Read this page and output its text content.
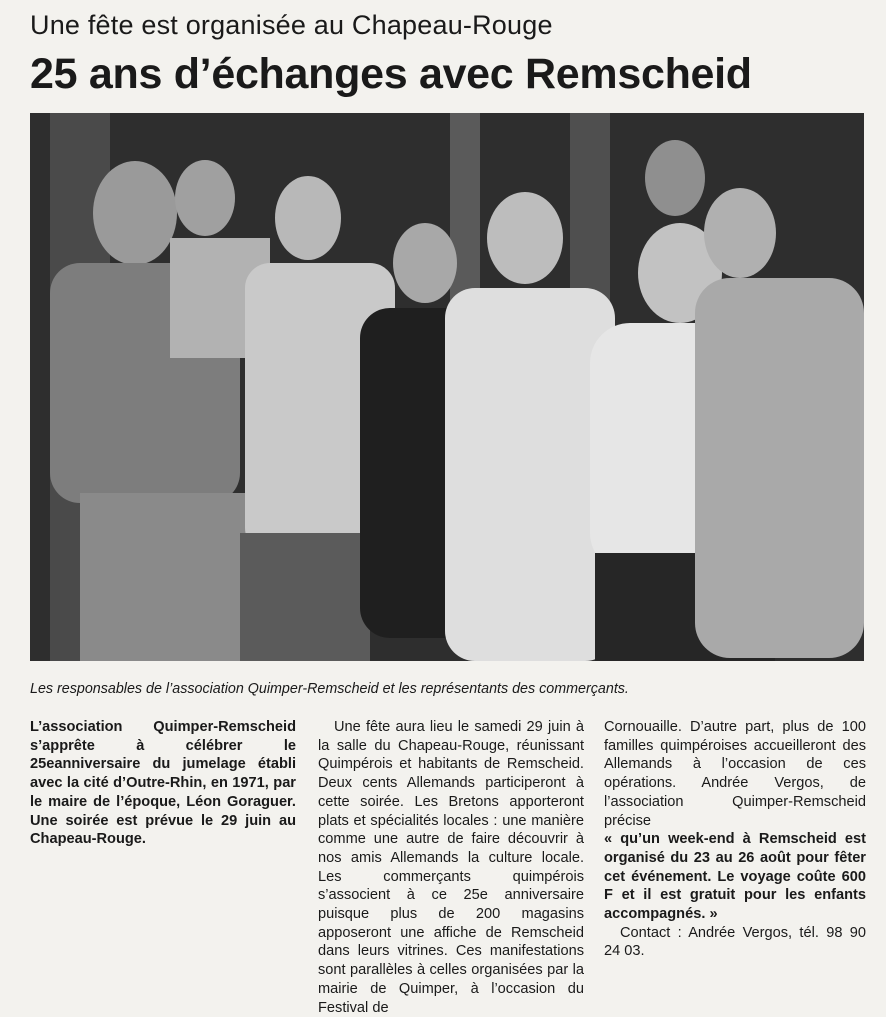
Une fête est organisée au Chapeau-Rouge
25 ans d’échanges avec Remscheid

Les responsables de l’association Quimper-Remscheid et les représentants des commerçants.

L’association Quimper-Remscheid s’apprête à célébrer le 25eanniversaire du jumelage établi avec la cité d’Outre-Rhin, en 1971, par le maire de l’époque, Léon Goraguer. Une soirée est prévue le 29 juin au Chapeau-Rouge.

Une fête aura lieu le samedi 29 juin à la salle du Chapeau-Rouge, réunissant Quimpérois et habitants de Remscheid. Deux cents Allemands participeront à cette soirée. Les Bretons apporteront plats et spécialités locales : une manière comme une autre de faire découvrir à nos amis Allemands la culture locale. Les commerçants quimpérois s’associent à ce 25e anniversaire puisque plus de 200 magasins apposeront une affiche de Remscheid dans leurs vitrines. Ces manifestations sont parallèles à celles organisées par la mairie de Quimper, à l’occasion du Festival de

Cornouaille. D’autre part, plus de 100 familles quimpéroises accueilleront des Allemands à l’occasion de ces opérations. Andrée Vergos, de l’association Quimper-Remscheid précise

« qu’un week-end à Remscheid est organisé du 23 au 26 août pour fêter cet événement. Le voyage coûte 600 F et il est gratuit pour les enfants accompagnés. »

Contact : Andrée Vergos, tél. 98 90 24 03.
